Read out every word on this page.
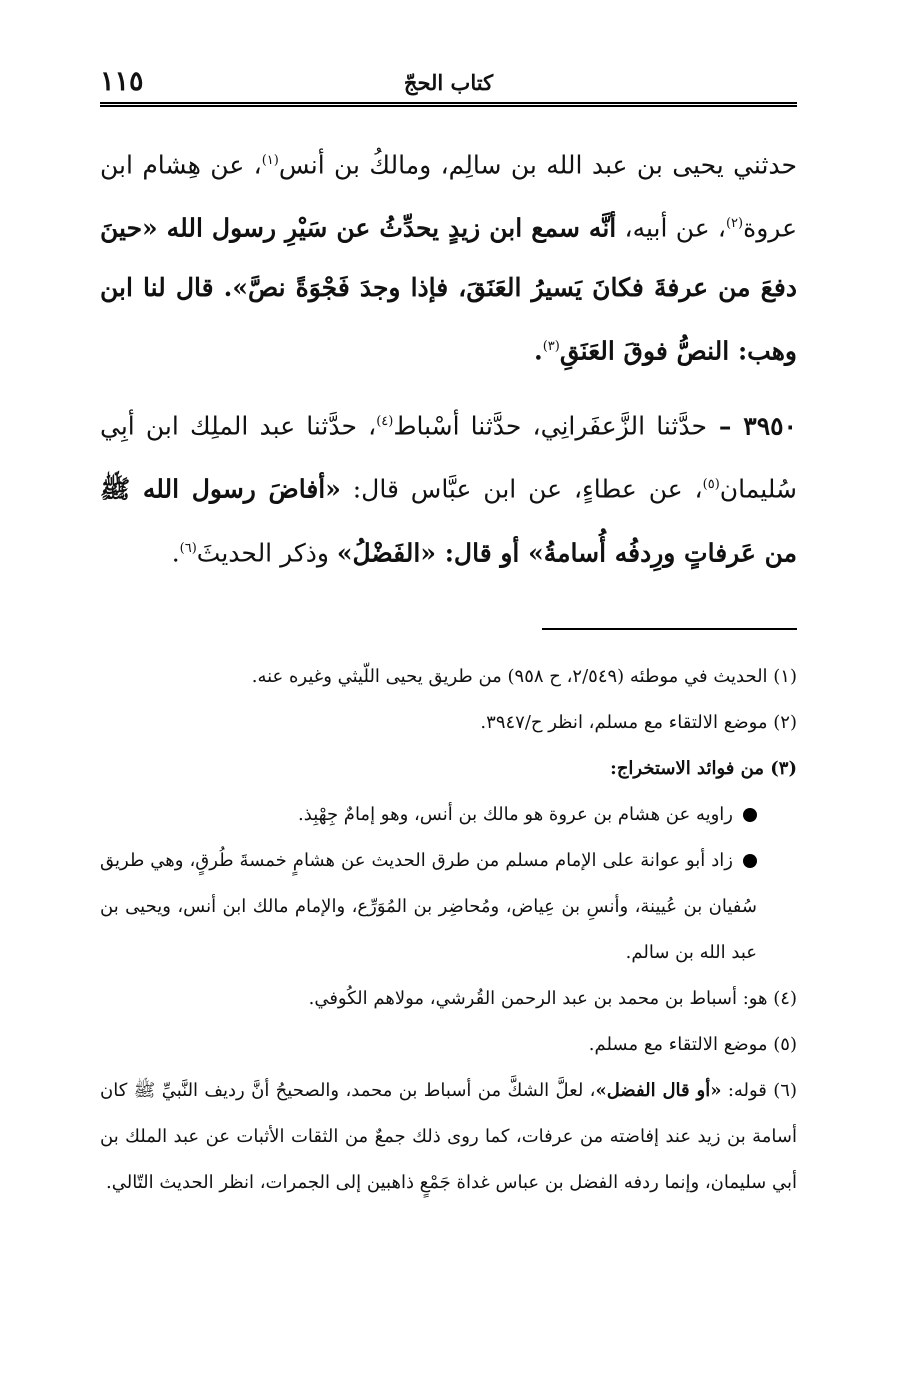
كتاب الحجّ
١١٥

حدثني يحيى بن عبد الله بن سالِم، ومالكُ بن أنس$^{(١)}$، عن هِشام ابن عروة$^{(٢)}$، عن أبيه، أنَّه سمع ابن زيدٍ يحدِّثُ عن سَيْرِ رسول الله «حينَ دفعَ من عرفةَ فكانَ يَسيرُ العَنَقَ، فإذا وجدَ فَجْوَةً نصَّ». قال لنا ابن وهب: النصُّ فوقَ العَنَقِ$^{(٣)}$.

٣٩٥٠ – حدَّثنا الزَّعفَرانِي، حدَّثنا أسْباط$^{(٤)}$، حدَّثنا عبد الملِك ابن أبِي سُليمان$^{(٥)}$، عن عطاءٍ، عن ابن عبَّاس قال: «أفاضَ رسول الله ﷺ من عَرفاتٍ ورِدفُه أُسامةُ» أو قال: «الفَضْلُ» وذكر الحديثَ$^{(٦)}$.

(١) الحديث في موطئه (٢/٥٤٩، ح ٩٥٨) من طريق يحيى اللّيثي وغيره عنه.

(٢) موضع الالتقاء مع مسلم، انظر ح/٣٩٤٧.

(٣) من فوائد الاستخراج:

راويه عن هشام بن عروة هو مالك بن أنس، وهو إمامٌ جِهْبِذ.

زاد أبو عوانة على الإمام مسلم من طرق الحديث عن هشامٍ خمسةَ طُرقٍ، وهي طريق سُفيان بن عُيينة، وأنسِ بن عِياض، ومُحاضِر بن المُوَرِّع، والإمام مالك ابن أنس، ويحيى بن عبد الله بن سالم.

(٤) هو: أسباط بن محمد بن عبد الرحمن القُرشي، مولاهم الكُوفي.

(٥) موضع الالتقاء مع مسلم.

(٦) قوله: «أو قال الفضل»، لعلَّ الشكَّ من أسباط بن محمد، والصحيحُ أنَّ رديف النَّبيِّ ﷺ كان أسامة بن زيد عند إفاضته من عرفات، كما روى ذلك جمعٌ من الثقات الأثبات عن عبد الملك بن أبي سليمان، وإنما ردفه الفضل بن عباس غداة جَمْعٍ ذاهبين إلى الجمرات، انظر الحديث التّالي.
